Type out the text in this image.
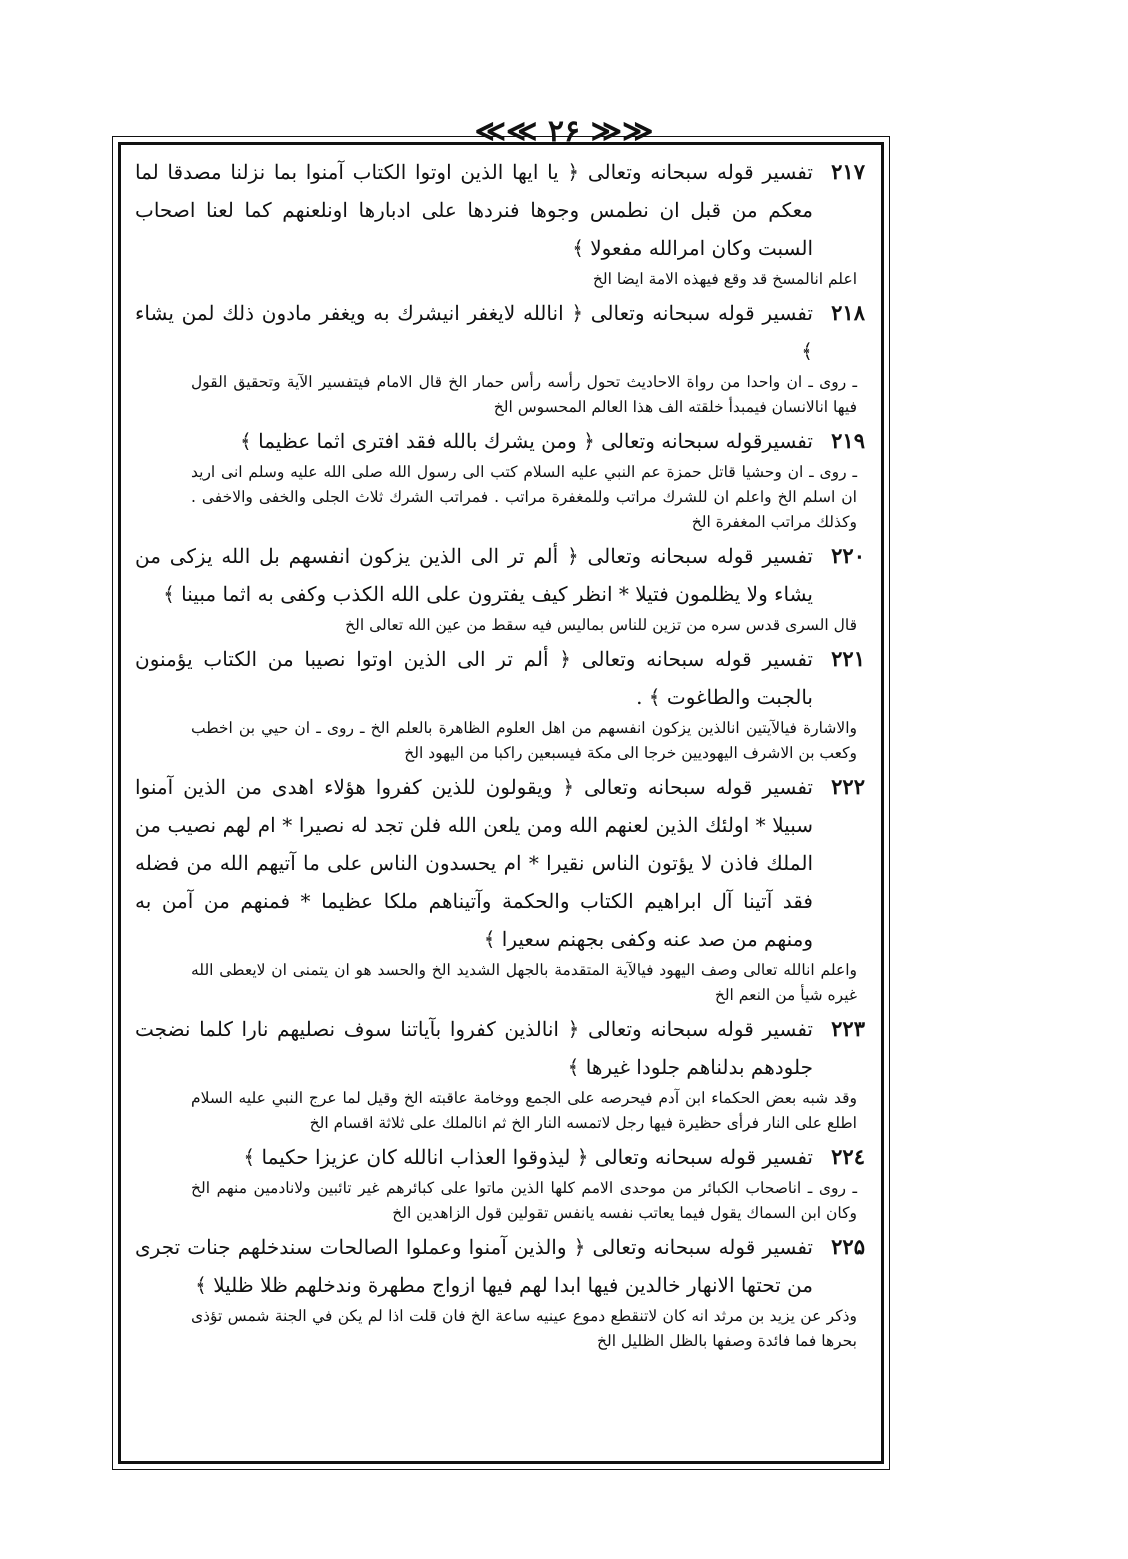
≪≪ ۲۶ ≫≫
۲۱۷
تفسير قوله سبحانه وتعالى ﴿ يا ايها الذين اوتوا الكتاب آمنوا بما نزلنا مصدقا لما معكم من قبل ان نطمس وجوها فنردها على ادبارها اونلعنهم كما لعنا اصحاب السبت وكان امرالله مفعولا ﴾
اعلم انالمسخ قد وقع فيهذه الامة ايضا الخ
۲۱۸
تفسير قوله سبحانه وتعالى ﴿ انالله لايغفر انيشرك به ويغفر مادون ذلك لمن يشاء ﴾
ـ روى ـ ان واحدا من رواة الاحاديث تحول رأسه رأس حمار الخ قال الامام فيتفسير الآية وتحقيق القول فيها انالانسان فيمبدأ خلقته الف هذا العالم المحسوس الخ
۲۱۹
تفسيرقوله سبحانه وتعالى ﴿ ومن يشرك بالله فقد افترى اثما عظيما ﴾
ـ روى ـ ان وحشيا قاتل حمزة عم النبي عليه السلام كتب الى رسول الله صلى الله عليه وسلم انى اريد ان اسلم الخ واعلم ان للشرك مراتب وللمغفرة مراتب . فمراتب الشرك ثلاث الجلى والخفى والاخفى . وكذلك مراتب المغفرة الخ
۲۲۰
تفسير قوله سبحانه وتعالى ﴿ ألم تر الى الذين يزكون انفسهم بل الله يزكى من يشاء ولا يظلمون فتيلا * انظر كيف يفترون على الله الكذب وكفى به اثما مبينا ﴾
قال السرى قدس سره من تزين للناس بماليس فيه سقط من عين الله تعالى الخ
۲۲۱
تفسير قوله سبحانه وتعالى ﴿ ألم تر الى الذين اوتوا نصيبا من الكتاب يؤمنون بالجبت والطاغوت ﴾ .
والاشارة فيالآيتين انالذين يزكون انفسهم من اهل العلوم الظاهرة بالعلم الخ ـ روى ـ ان حيي بن اخطب وكعب بن الاشرف اليهوديين خرجا الى مكة فيسبعين راكبا من اليهود الخ
۲۲۲
تفسير قوله سبحانه وتعالى ﴿ ويقولون للذين كفروا هؤلاء اهدى من الذين آمنوا سبيلا * اولئك الذين لعنهم الله ومن يلعن الله فلن تجد له نصيرا * ام لهم نصيب من الملك فاذن لا يؤتون الناس نقيرا * ام يحسدون الناس على ما آتيهم الله من فضله فقد آتينا آل ابراهيم الكتاب والحكمة وآتيناهم ملكا عظيما * فمنهم من آمن به ومنهم من صد عنه وكفى بجهنم سعيرا ﴾
واعلم انالله تعالى وصف اليهود فيالآية المتقدمة بالجهل الشديد الخ والحسد هو ان يتمنى ان لايعطى الله غيره شيأ من النعم الخ
۲۲۳
تفسير قوله سبحانه وتعالى ﴿ انالذين كفروا بآياتنا سوف نصليهم نارا كلما نضجت جلودهم بدلناهم جلودا غيرها ﴾
وقد شبه بعض الحكماء ابن آدم فيحرصه على الجمع ووخامة عاقبته الخ وقيل لما عرج النبي عليه السلام اطلع على النار فرأى حظيرة فيها رجل لاتمسه النار الخ ثم انالملك على ثلاثة اقسام الخ
۲۲٤
تفسير قوله سبحانه وتعالى ﴿ ليذوقوا العذاب انالله كان عزيزا حكيما ﴾
ـ روى ـ اناصحاب الكبائر من موحدى الامم كلها الذين ماتوا على كبائرهم غير تائبين ولانادمين منهم الخ وكان ابن السماك يقول فيما يعاتب نفسه يانفس تقولين قول الزاهدين الخ
۲۲۵
تفسير قوله سبحانه وتعالى ﴿ والذين آمنوا وعملوا الصالحات سندخلهم جنات تجرى من تحتها الانهار خالدين فيها ابدا لهم فيها ازواج مطهرة وندخلهم ظلا ظليلا ﴾
وذكر عن يزيد بن مرثد انه كان لاتنقطع دموع عينيه ساعة الخ فان قلت اذا لم يكن في الجنة شمس تؤذى بحرها فما فائدة وصفها بالظل الظليل الخ
